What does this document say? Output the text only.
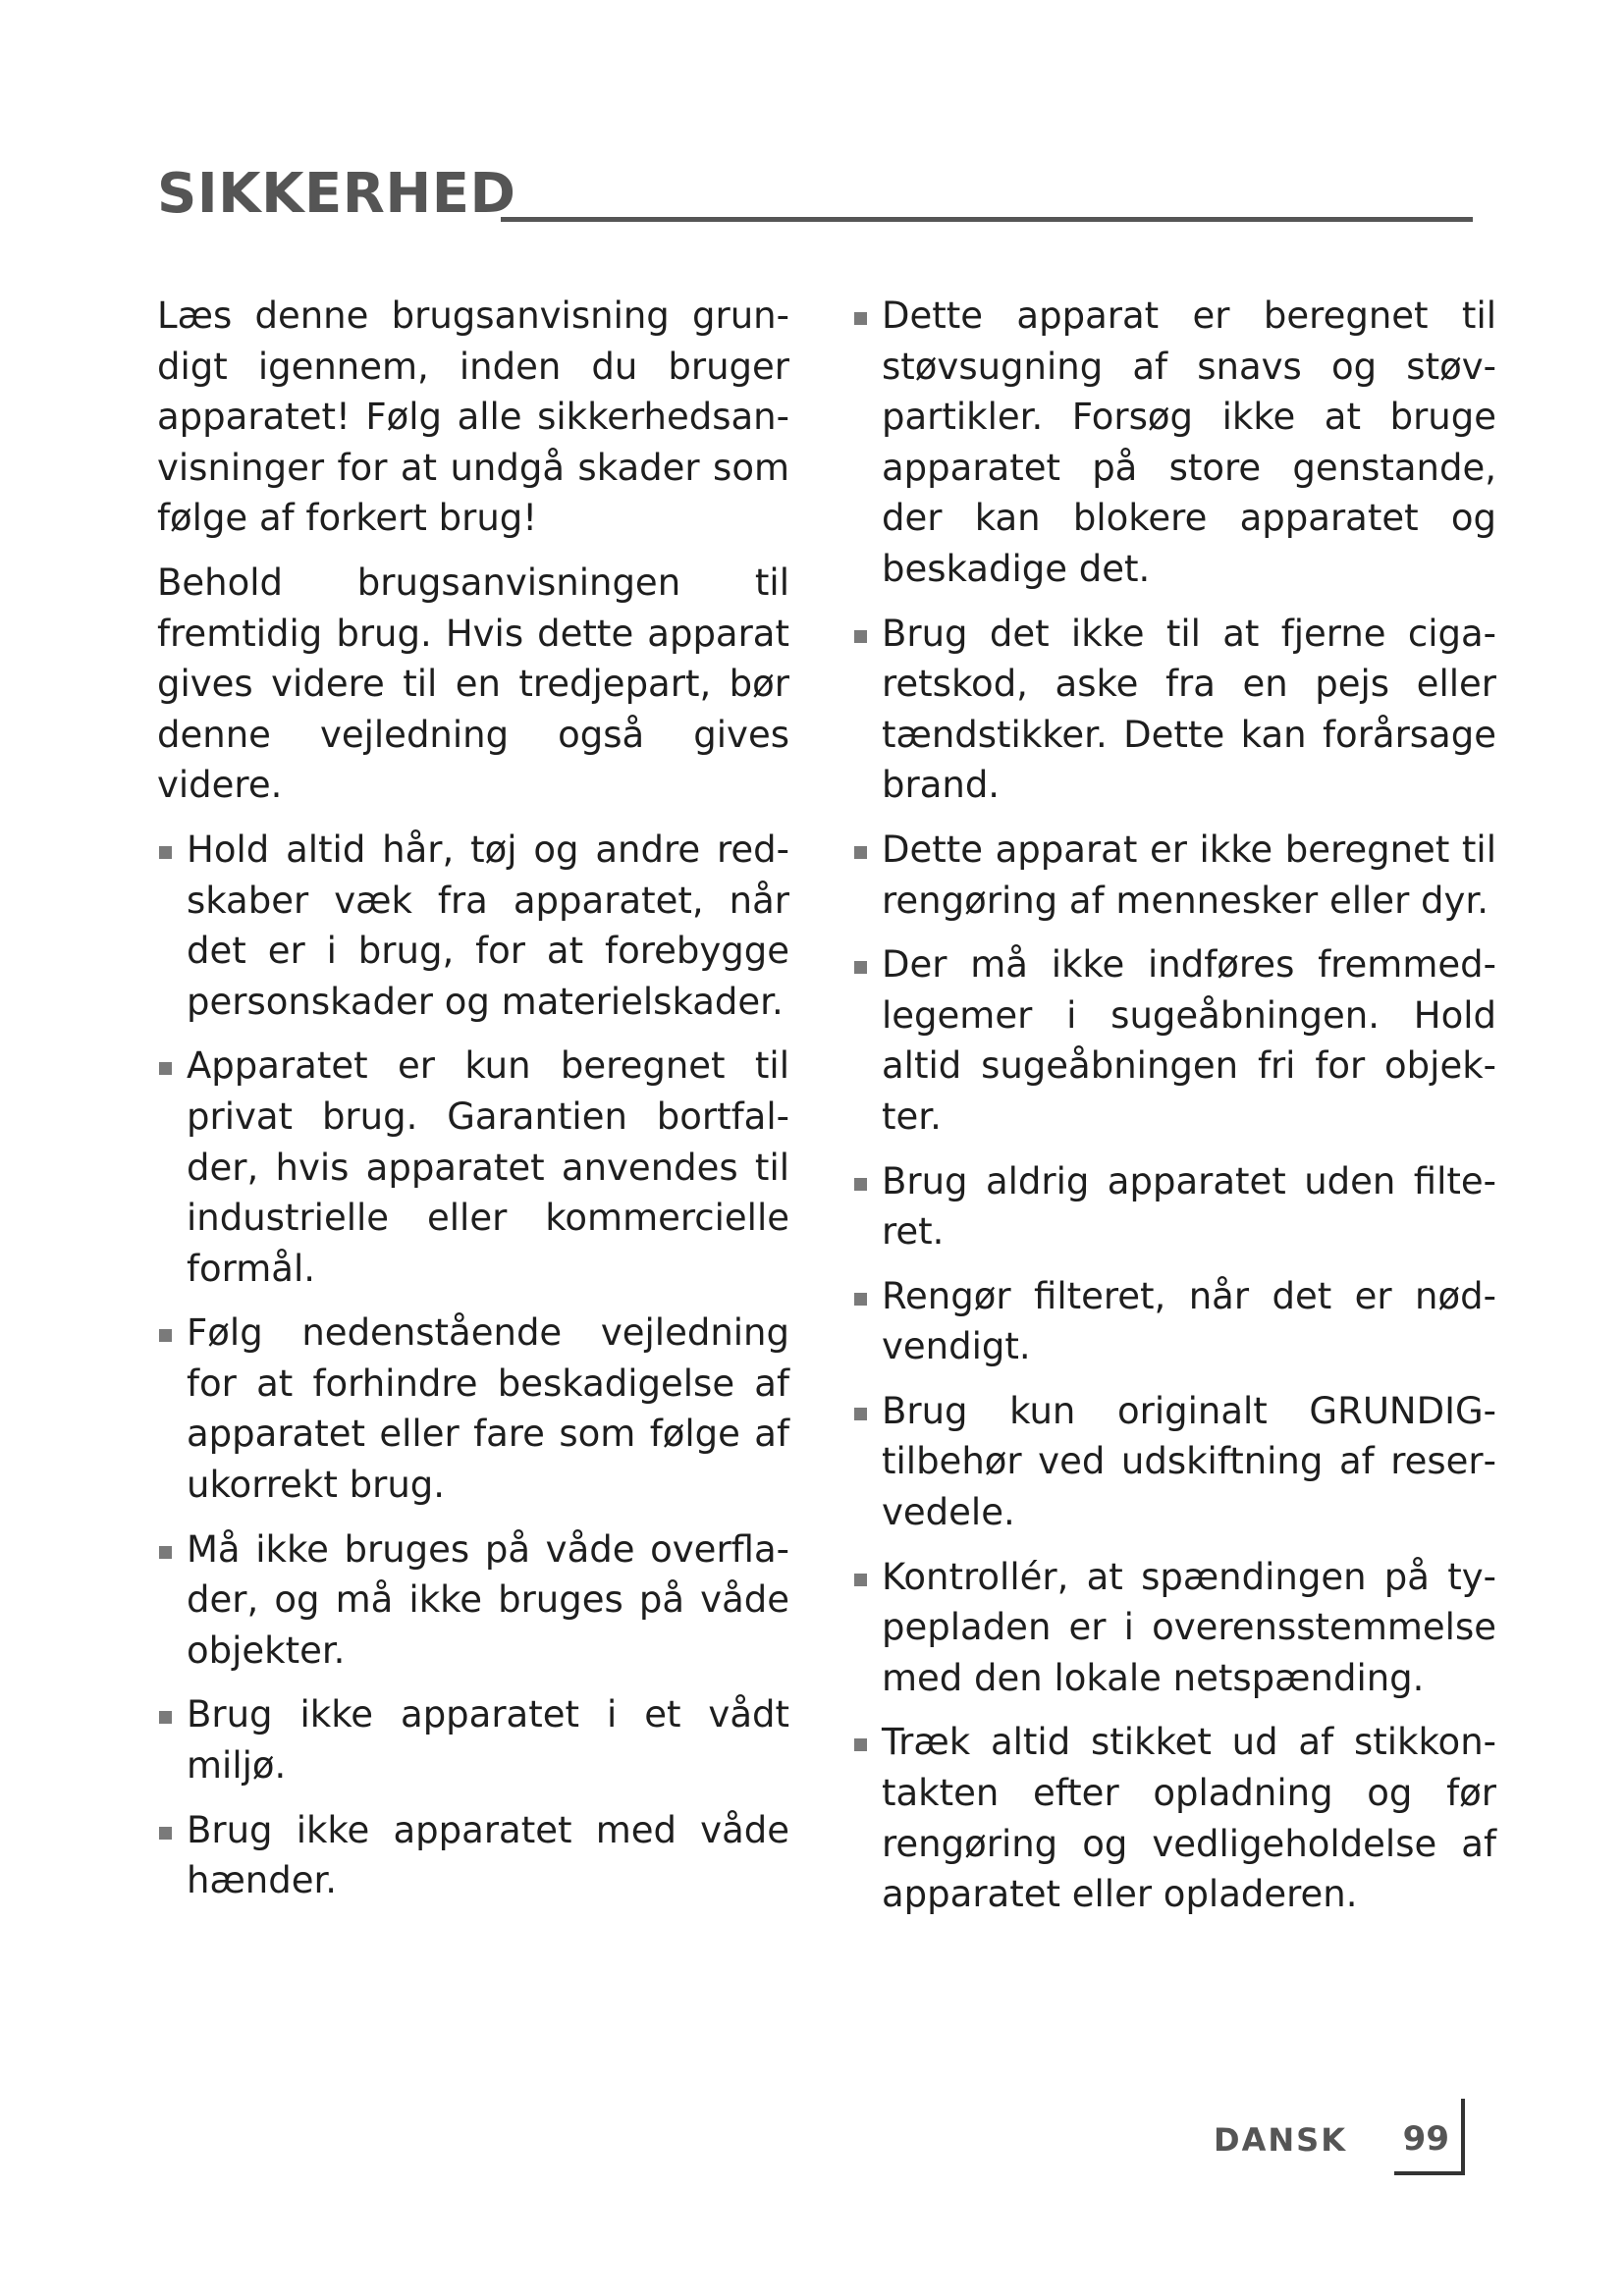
SIKKERHED

Læs denne brugsanvisning grundigt igennem, inden du bruger apparatet! Følg alle sikkerhedsanvisninger for at undgå skader som følge af forkert brug!

Behold brugsanvisningen til fremtidig brug. Hvis dette apparat gives videre til en tredjepart, bør denne vejledning også gives videre.

Hold altid hår, tøj og andre redskaber væk fra apparatet, når det er i brug, for at forebygge personskader og materielskader.
Apparatet er kun beregnet til privat brug. Garantien bortfalder, hvis apparatet anvendes til industrielle eller kommercielle formål.
Følg nedenstående vejledning for at forhindre beskadigelse af apparatet eller fare som følge af ukorrekt brug.
Må ikke bruges på våde overflader, og må ikke bruges på våde objekter.
Brug ikke apparatet i et vådt miljø.
Brug ikke apparatet med våde hænder.
Dette apparat er beregnet til støvsugning af snavs og støvpartikler. Forsøg ikke at bruge apparatet på store genstande, der kan blokere apparatet og beskadige det.
Brug det ikke til at fjerne cigaretskod, aske fra en pejs eller tændstikker. Dette kan forårsage brand.
Dette apparat er ikke beregnet til rengøring af mennesker eller dyr.
Der må ikke indføres fremmedlegemer i sugeåbningen. Hold altid sugeåbningen fri for objekter.
Brug aldrig apparatet uden filteret.
Rengør filteret, når det er nødvendigt.
Brug kun originalt GRUNDIG-tilbehør ved udskiftning af reservedele.
Kontrollér, at spændingen på typepladen er i overensstemmelse med den lokale netspænding.
Træk altid stikket ud af stikkontakten efter opladning og før rengøring og vedligeholdelse af apparatet eller opladeren.
DANSK 99
